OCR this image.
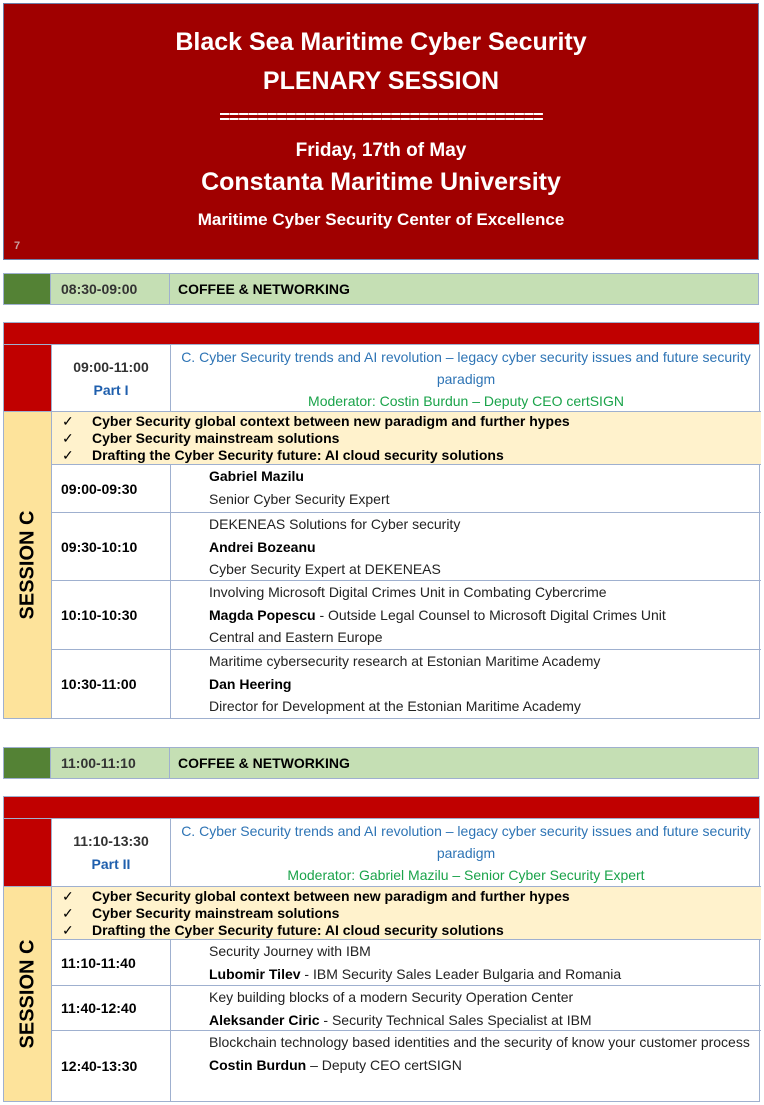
Black Sea Maritime Cyber Security
PLENARY SESSION
==================================
Friday, 17th of May
Constanta Maritime University
Maritime Cyber Security Center of Excellence
7
08:30-09:00	COFFEE & NETWORKING
09:00-11:00
Part I
C. Cyber Security trends and AI revolution – legacy cyber security issues and future security paradigm
Moderator: Costin Burdun – Deputy CEO certSIGN
SESSION C
✓ Cyber Security global context between new paradigm and further hypes
✓ Cyber Security mainstream solutions
✓ Drafting the Cyber Security future: AI cloud security solutions
09:00-09:30
Gabriel Mazilu
Senior Cyber Security Expert
09:30-10:10
DEKENEAS Solutions for Cyber security
Andrei Bozeanu
Cyber Security Expert at DEKENEAS
10:10-10:30
Involving Microsoft Digital Crimes Unit in Combating Cybercrime
Magda Popescu - Outside Legal Counsel to Microsoft Digital Crimes Unit
Central and Eastern Europe
10:30-11:00
Maritime cybersecurity research at Estonian Maritime Academy
Dan Heering
Director for Development at the Estonian Maritime Academy
11:00-11:10	COFFEE & NETWORKING
11:10-13:30
Part II
C. Cyber Security trends and AI revolution – legacy cyber security issues and future security paradigm
Moderator: Gabriel Mazilu – Senior Cyber Security Expert
SESSION C
✓ Cyber Security global context between new paradigm and further hypes
✓ Cyber Security mainstream solutions
✓ Drafting the Cyber Security future: AI cloud security solutions
11:10-11:40
Security Journey with IBM
Lubomir Tilev - IBM Security Sales Leader Bulgaria and Romania
11:40-12:40
Key building blocks of a modern Security Operation Center
Aleksander Ciric - Security Technical Sales Specialist at IBM
12:40-13:30
Blockchain technology based identities and the security of know your customer process
Costin Burdun – Deputy CEO certSIGN
